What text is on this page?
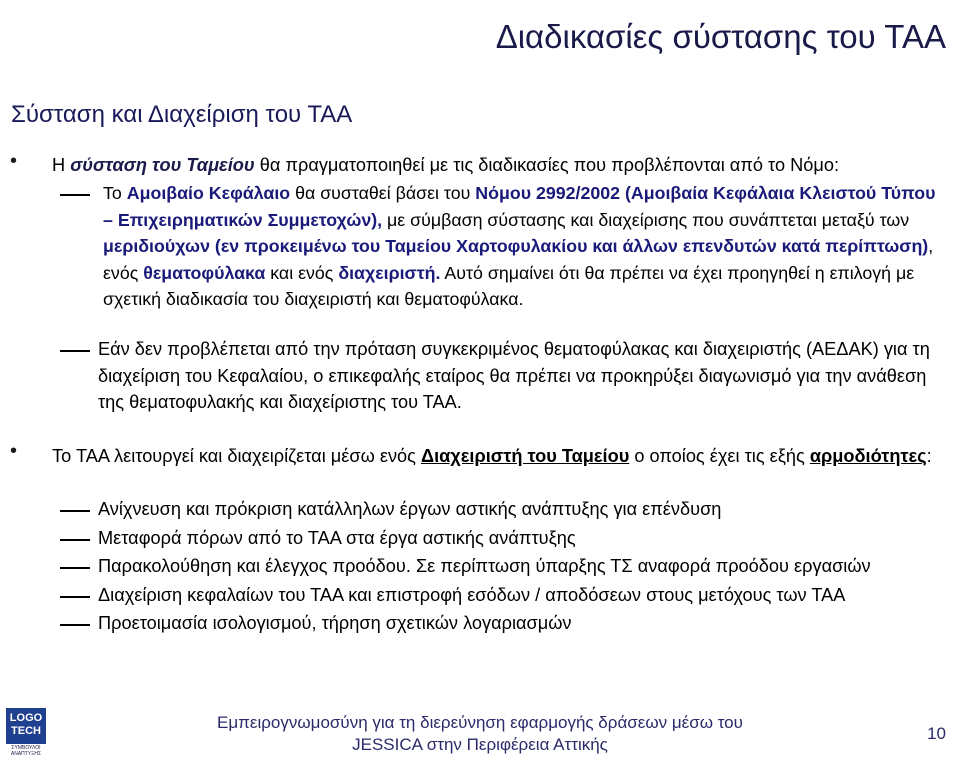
Διαδικασίες σύστασης του ΤΑΑ
Σύσταση και Διαχείριση του ΤΑΑ
• Η σύσταση του Ταμείου θα πραγματοποιηθεί με τις διαδικασίες που προβλέπονται από το Νόμο:
Το Αμοιβαίο Κεφάλαιο θα συσταθεί βάσει του Νόμου 2992/2002 (Αμοιβαία Κεφάλαια Κλειστού Τύπου – Επιχειρηματικών Συμμετοχών), με σύμβαση σύστασης και διαχείρισης που συνάπτεται μεταξύ των μεριδιούχων (εν προκειμένω του Ταμείου Χαρτοφυλακίου και άλλων επενδυτών κατά περίπτωση), ενός θεματοφύλακα και ενός διαχειριστή. Αυτό σημαίνει ότι θα πρέπει να έχει προηγηθεί η επιλογή με σχετική διαδικασία του διαχειριστή και θεματοφύλακα.
Εάν δεν προβλέπεται από την πρόταση συγκεκριμένος θεματοφύλακας και διαχειριστής (ΑΕΔΑΚ) για τη διαχείριση του Κεφαλαίου, ο επικεφαλής εταίρος θα πρέπει να προκηρύξει διαγωνισμό για την ανάθεση της θεματοφυλακής και διαχείριστης του ΤΑΑ.
• Το ΤΑΑ λειτουργεί και διαχειρίζεται μέσω ενός Διαχειριστή του Ταμείου ο οποίος έχει τις εξής αρμοδιότητες:
Ανίχνευση και πρόκριση κατάλληλων έργων αστικής ανάπτυξης για επένδυση
Μεταφορά πόρων από το ΤΑΑ στα έργα αστικής ανάπτυξης
Παρακολούθηση και έλεγχος προόδου. Σε περίπτωση ύπαρξης ΤΣ αναφορά προόδου εργασιών
Διαχείριση κεφαλαίων του ΤΑΑ και επιστροφή εσόδων / αποδόσεων στους μετόχους των ΤΑΑ
Προετοιμασία ισολογισμού, τήρηση σχετικών λογαριασμών
LOGO
TECH
ΣΥΜΒΟΥΛΟΙ ΑΝΑΠΤΥΞΗΣ
Εμπειρογνωμοσύνη για τη διερεύνηση εφαρμογής δράσεων μέσω του
JESSICA στην Περιφέρεια Αττικής
10
